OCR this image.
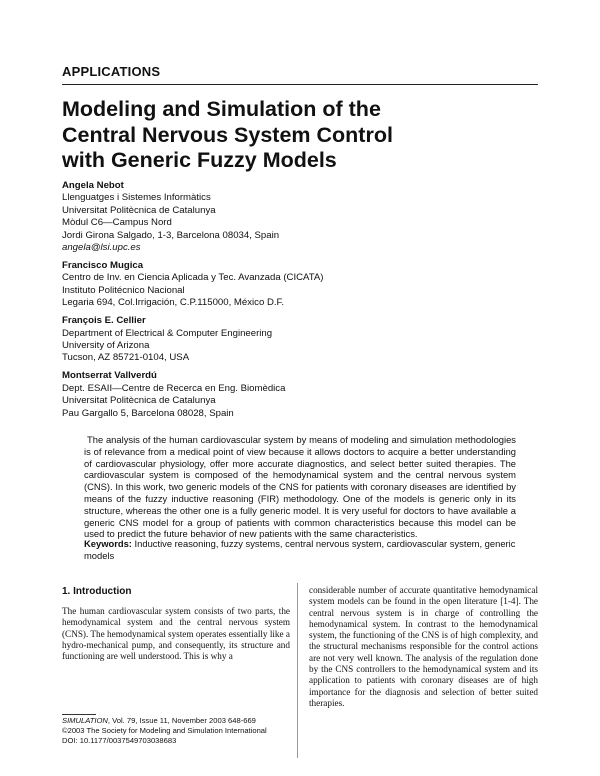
APPLICATIONS
Modeling and Simulation of the
Central Nervous System Control
with Generic Fuzzy Models
Angela Nebot
Llenguatges i Sistemes Informàtics
Universitat Politècnica de Catalunya
Mòdul C6—Campus Nord
Jordi Girona Salgado, 1-3, Barcelona 08034, Spain
angela@lsi.upc.es
Francisco Mugica
Centro de Inv. en Ciencia Aplicada y Tec. Avanzada (CICATA)
Instituto Politécnico Nacional
Legaria 694, Col.Irrigación, C.P.115000, México D.F.
François E. Cellier
Department of Electrical & Computer Engineering
University of Arizona
Tucson, AZ 85721-0104, USA
Montserrat Vallverdú
Dept. ESAII—Centre de Recerca en Eng. Biomèdica
Universitat Politècnica de Catalunya
Pau Gargallo 5, Barcelona 08028, Spain

The analysis of the human cardiovascular system by means of modeling and simulation methodologies is of relevance from a medical point of view because it allows doctors to acquire a better understanding of cardiovascular physiology, offer more accurate diagnostics, and select better suited therapies. The cardiovascular system is composed of the hemodynamical system and the central nervous system (CNS). In this work, two generic models of the CNS for patients with coronary diseases are identified by means of the fuzzy inductive reasoning (FIR) methodology. One of the models is generic only in its structure, whereas the other one is a fully generic model. It is very useful for doctors to have available a generic CNS model for a group of patients with common characteristics because this model can be used to predict the future behavior of new patients with the same characteristics.

Keywords: Inductive reasoning, fuzzy systems, central nervous system, cardiovascular system, generic models
1. Introduction

The human cardiovascular system consists of two parts, the hemodynamical system and the central nervous system (CNS). The hemodynamical system operates essentially like a hydro-mechanical pump, and consequently, its structure and functioning are well understood. This is why a

considerable number of accurate quantitative hemodynamical system models can be found in the open literature [1-4]. The central nervous system is in charge of controlling the hemodynamical system. In contrast to the hemodynamical system, the functioning of the CNS is of high complexity, and the structural mechanisms responsible for the control actions are not very well known. The analysis of the regulation done by the CNS controllers to the hemodynamical system and its application to patients with coronary diseases are of high importance for the diagnosis and selection of better suited therapies.

SIMULATION, Vol. 79, Issue 11, November 2003 648-669
©2003 The Society for Modeling and Simulation International
DOI: 10.1177/0037549703038683
